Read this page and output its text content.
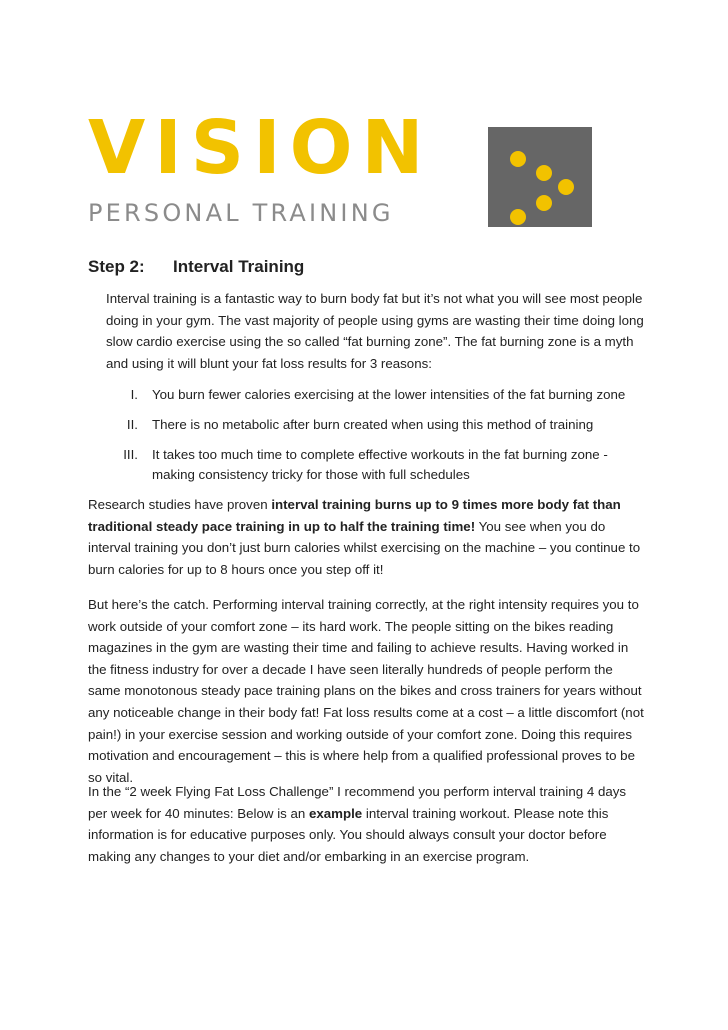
VISION
PERSONAL TRAINING
Step 2: Interval Training
Interval training is a fantastic way to burn body fat but it’s not what you will see most people doing in your gym. The vast majority of people using gyms are wasting their time doing long slow cardio exercise using the so called “fat burning zone”. The fat burning zone is a myth and using it will blunt your fat loss results for 3 reasons:
I. You burn fewer calories exercising at the lower intensities of the fat burning zone
II. There is no metabolic after burn created when using this method of training
III. It takes too much time to complete effective workouts in the fat burning zone - making consistency tricky for those with full schedules
Research studies have proven interval training burns up to 9 times more body fat than traditional steady pace training in up to half the training time! You see when you do interval training you don’t just burn calories whilst exercising on the machine – you continue to burn calories for up to 8 hours once you step off it!
But here’s the catch. Performing interval training correctly, at the right intensity requires you to work outside of your comfort zone – its hard work. The people sitting on the bikes reading magazines in the gym are wasting their time and failing to achieve results. Having worked in the fitness industry for over a decade I have seen literally hundreds of people perform the same monotonous steady pace training plans on the bikes and cross trainers for years without any noticeable change in their body fat! Fat loss results come at a cost – a little discomfort (not pain!) in your exercise session and working outside of your comfort zone. Doing this requires motivation and encouragement – this is where help from a qualified professional proves to be so vital.
In the “2 week Flying Fat Loss Challenge” I recommend you perform interval training 4 days per week for 40 minutes: Below is an example interval training workout. Please note this information is for educative purposes only. You should always consult your doctor before making any changes to your diet and/or embarking in an exercise program.
